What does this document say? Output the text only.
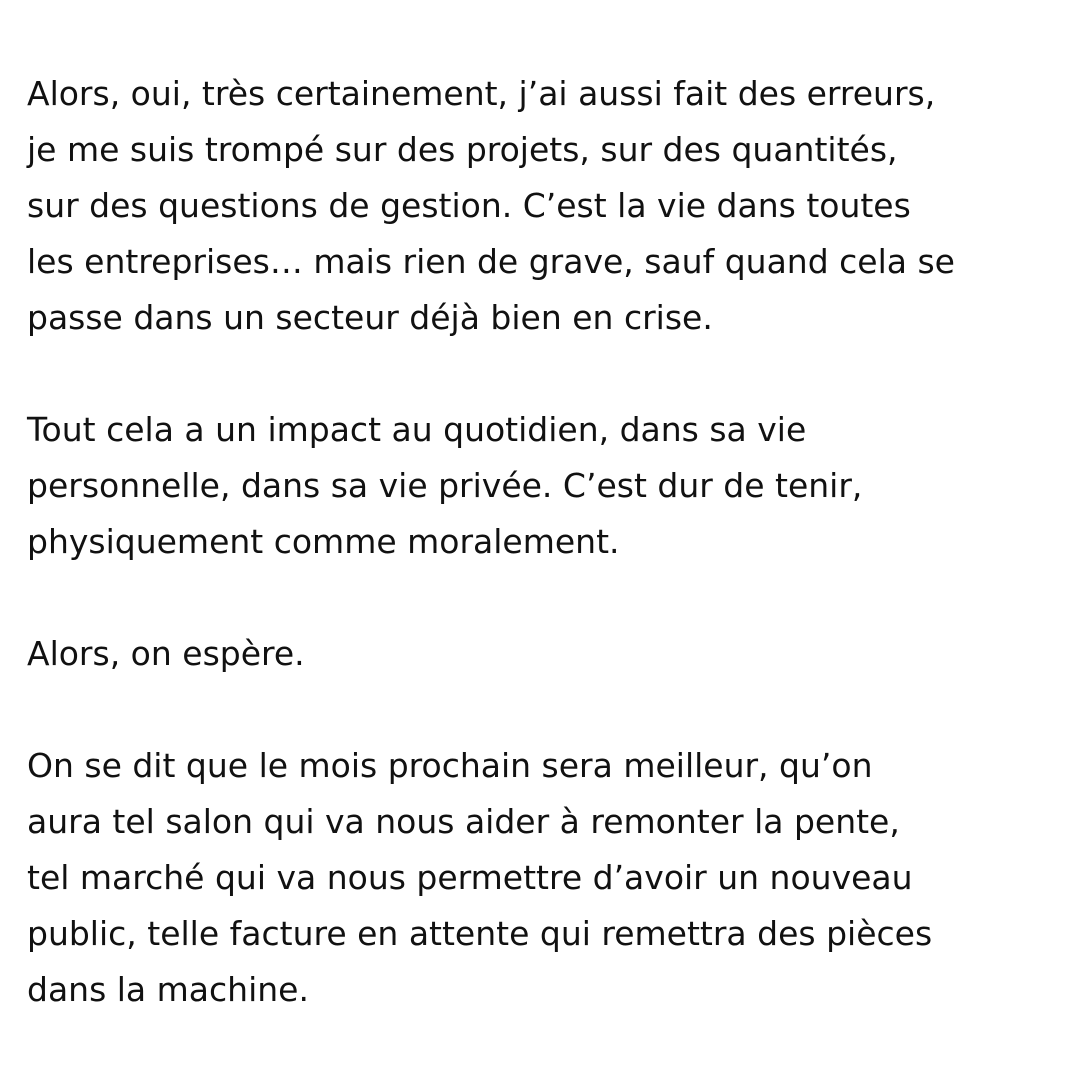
Alors, oui, très certainement, j’ai aussi fait des erreurs,
je me suis trompé sur des projets, sur des quantités,
sur des questions de gestion. C’est la vie dans toutes
les entreprises… mais rien de grave, sauf quand cela se
passe dans un secteur déjà bien en crise.

Tout cela a un impact au quotidien, dans sa vie
personnelle, dans sa vie privée. C’est dur de tenir,
physiquement comme moralement.

Alors, on espère.

On se dit que le mois prochain sera meilleur, qu’on
aura tel salon qui va nous aider à remonter la pente,
tel marché qui va nous permettre d’avoir un nouveau
public, telle facture en attente qui remettra des pièces
dans la machine.
